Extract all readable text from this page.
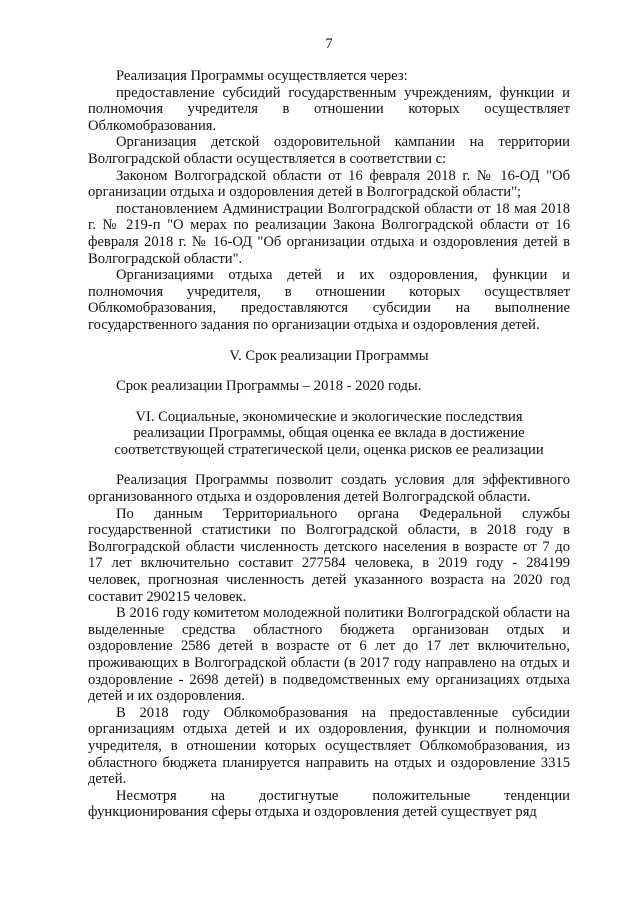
7

Реализация Программы осуществляется через:

предоставление субсидий государственным учреждениям, функции и полномочия учредителя в отношении которых осуществляет Облкомобразования.

Организация детской оздоровительной кампании на территории Волгоградской области осуществляется в соответствии с:

Законом Волгоградской области от 16 февраля 2018 г. № 16-ОД "Об организации отдыха и оздоровления детей в Волгоградской области";

постановлением Администрации Волгоградской области от 18 мая 2018 г. № 219-п "О мерах по реализации Закона Волгоградской области от 16 февраля 2018 г. № 16-ОД "Об организации отдыха и оздоровления детей в Волгоградской области".

Организациями отдыха детей и их оздоровления, функции и полномочия учредителя, в отношении которых осуществляет Облкомобразования, предоставляются субсидии на выполнение государственного задания по организации отдыха и оздоровления детей.

V. Срок реализации Программы

Срок реализации Программы – 2018 - 2020 годы.

VI. Социальные, экономические и экологические последствия

реализации Программы, общая оценка ее вклада в достижение

соответствующей стратегической цели, оценка рисков ее реализации

Реализация Программы позволит создать условия для эффективного организованного отдыха и оздоровления детей Волгоградской области.

По данным Территориального органа Федеральной службы государственной статистики по Волгоградской области, в 2018 году в Волгоградской области численность детского населения в возрасте от 7 до 17 лет включительно составит 277584 человека, в 2019 году - 284199 человек, прогнозная численность детей указанного возраста на 2020 год составит 290215 человек.

В 2016 году комитетом молодежной политики Волгоградской области на выделенные средства областного бюджета организован отдых и оздоровление 2586 детей в возрасте от 6 лет до 17 лет включительно, проживающих в Волгоградской области (в 2017 году направлено на отдых и оздоровление - 2698 детей) в подведомственных ему организациях отдыха детей и их оздоровления.

В 2018 году Облкомобразования на предоставленные субсидии организациям отдыха детей и их оздоровления, функции и полномочия учредителя, в отношении которых осуществляет Облкомобразования, из областного бюджета планируется направить на отдых и оздоровление 3315 детей.

Несмотря на достигнутые положительные тенденции функционирования сферы отдыха и оздоровления детей существует ряд
